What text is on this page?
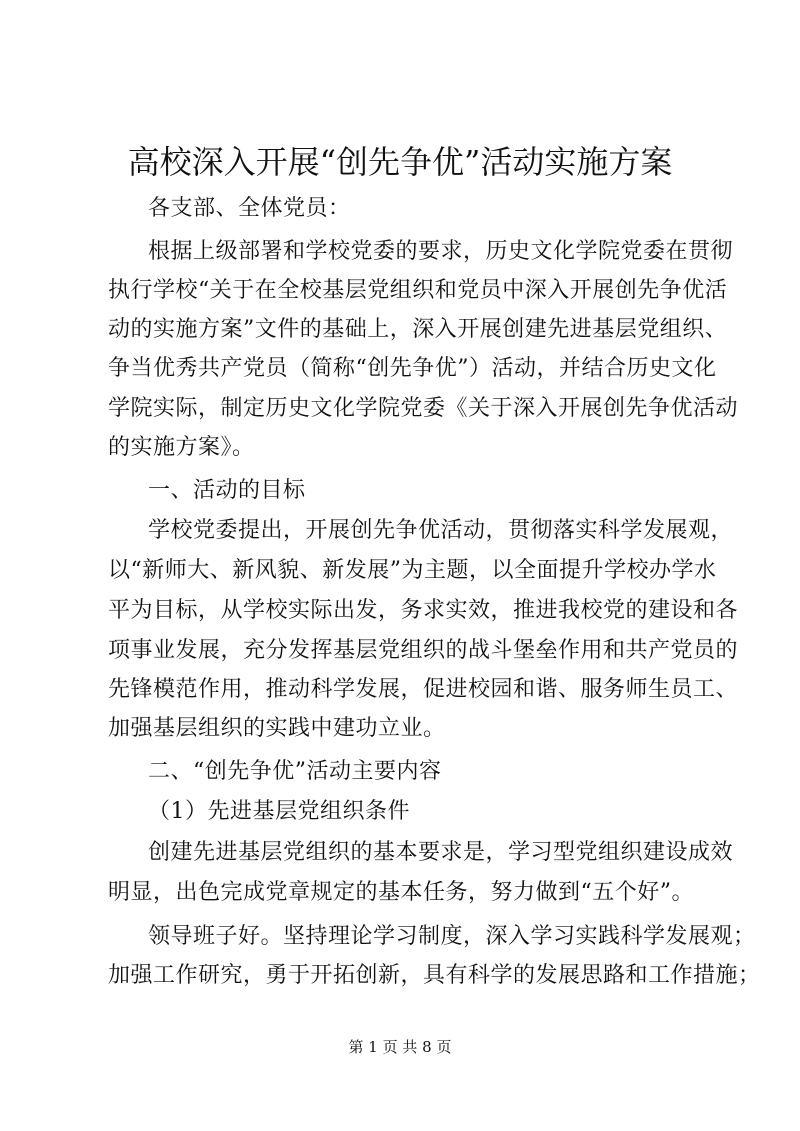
高校深入开展“创先争优”活动实施方案

各支部、全体党员：

根据上级部署和学校党委的要求，历史文化学院党委在贯彻

执行学校“关于在全校基层党组织和党员中深入开展创先争优活

动的实施方案”文件的基础上，深入开展创建先进基层党组织、

争当优秀共产党员（简称“创先争优”）活动，并结合历史文化

学院实际，制定历史文化学院党委《关于深入开展创先争优活动

的实施方案》。

一、活动的目标

学校党委提出，开展创先争优活动，贯彻落实科学发展观，

以“新师大、新风貌、新发展”为主题，以全面提升学校办学水

平为目标，从学校实际出发，务求实效，推进我校党的建设和各

项事业发展，充分发挥基层党组织的战斗堡垒作用和共产党员的

先锋模范作用，推动科学发展，促进校园和谐、服务师生员工、

加强基层组织的实践中建功立业。

二、“创先争优”活动主要内容

（1）先进基层党组织条件

创建先进基层党组织的基本要求是，学习型党组织建设成效

明显，出色完成党章规定的基本任务，努力做到“五个好”。

领导班子好。坚持理论学习制度，深入学习实践科学发展观；

加强工作研究，勇于开拓创新，具有科学的发展思路和工作措施；

第 1 页 共 8 页
